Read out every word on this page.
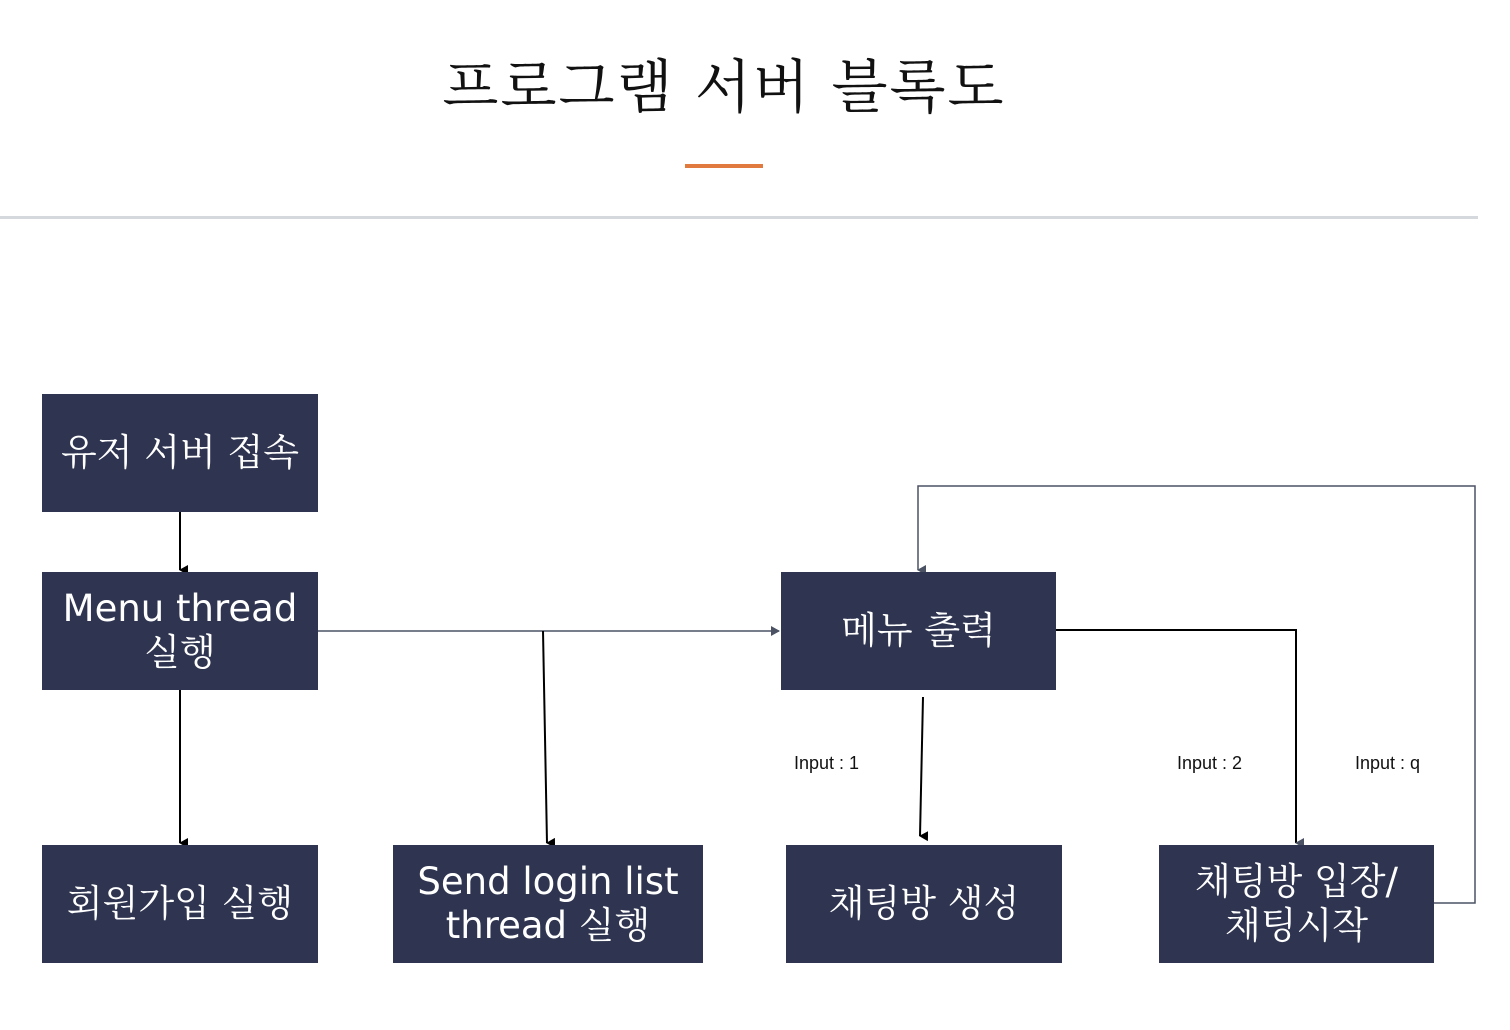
프로그램 서버 블록도
유저 서버 접속
Menu thread
실행
회원가입 실행
Send login list
thread 실행
메뉴 출력
채팅방 생성
채팅방 입장/
채팅시작
Input : 1	Input : 2	Input : q
